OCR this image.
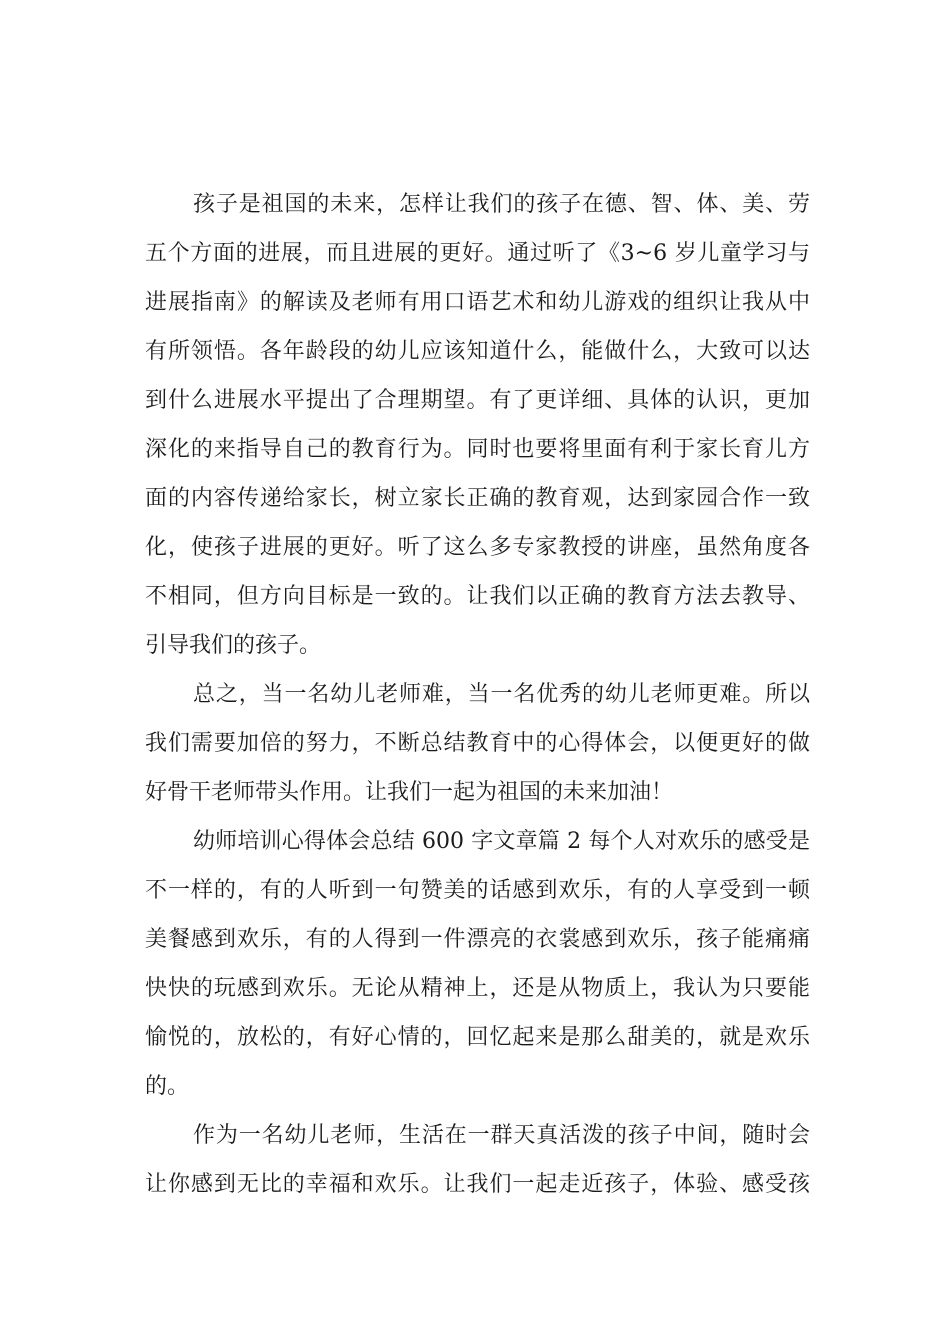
孩子是祖国的未来，怎样让我们的孩子在德、智、体、美、劳
五个方面的进展，而且进展的更好。通过听了《3~6 岁儿童学习与
进展指南》的解读及老师有用口语艺术和幼儿游戏的组织让我从中
有所领悟。各年龄段的幼儿应该知道什么，能做什么，大致可以达
到什么进展水平提出了合理期望。有了更详细、具体的认识，更加
深化的来指导自己的教育行为。同时也要将里面有利于家长育儿方
面的内容传递给家长，树立家长正确的教育观，达到家园合作一致
化，使孩子进展的更好。听了这么多专家教授的讲座，虽然角度各
不相同，但方向目标是一致的。让我们以正确的教育方法去教导、
引导我们的孩子。
总之，当一名幼儿老师难，当一名优秀的幼儿老师更难。所以
我们需要加倍的努力，不断总结教育中的心得体会，以便更好的做
好骨干老师带头作用。让我们一起为祖国的未来加油！
幼师培训心得体会总结 600 字文章篇 2 每个人对欢乐的感受是
不一样的，有的人听到一句赞美的话感到欢乐，有的人享受到一顿
美餐感到欢乐，有的人得到一件漂亮的衣裳感到欢乐，孩子能痛痛
快快的玩感到欢乐。无论从精神上，还是从物质上，我认为只要能
愉悦的，放松的，有好心情的，回忆起来是那么甜美的，就是欢乐
的。
作为一名幼儿老师，生活在一群天真活泼的孩子中间，随时会
让你感到无比的幸福和欢乐。让我们一起走近孩子，体验、感受孩
